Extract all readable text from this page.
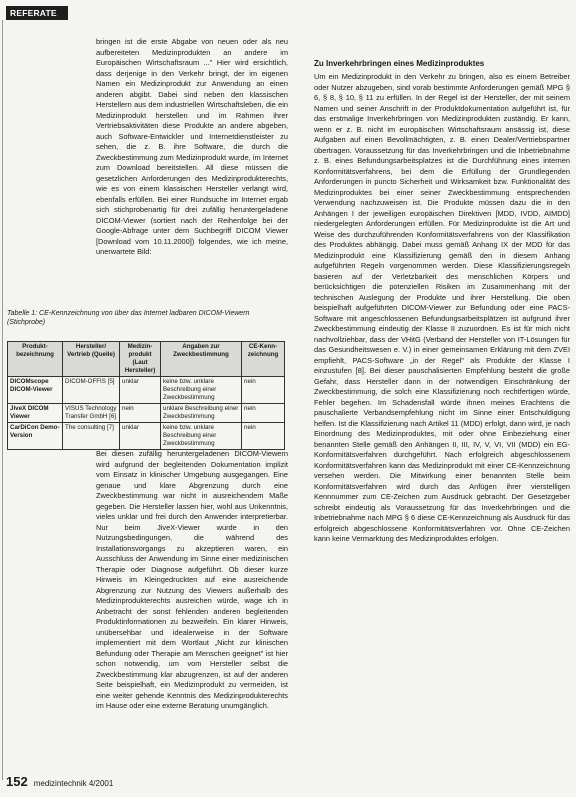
REFERATE

bringen ist die erste Abgabe von neuen oder als neu aufbereiteten Medizinprodukten an andere im Europäischen Wirtschaftsraum ..." Hier wird ersichtlich, dass derjenige in den Verkehr bringt, der im eigenen Namen ein Medizinprodukt zur Anwendung an einen anderen abgibt. Dabei sind neben den klassischen Herstellern aus dem industriellen Wirtschaftsleben, die ein Medizinprodukt herstellen und im Rahmen ihrer Vertriebsaktivitäten diese Produkte an andere abgeben, auch Software-Entwickler und Internetdienstleister zu sehen, die z. B. ihre Software, die durch die Zweckbestimmung zum Medizinprodukt wurde, im Internet zum Download bereitstellen. All diese müssen die gesetzlichen Anforderungen des Medizinprodukterechts, wie es von einem klassischen Hersteller verlangt wird, ebenfalls erfüllen. Bei einer Rundsuche im Internet ergab sich stichprobenartig für drei zufällig heruntergeladene DICOM-Viewer (sortiert nach der Reihenfolge bei der Google-Abfrage unter dem Suchbegriff DICOM Viewer [Download vom 10.11.2000]) folgendes, wie ich meine, unerwartete Bild:

Tabelle 1: CE-Kennzeichnung von über das Internet ladbaren DICOM-Viewern (Stichprobe)

Produkt-bezeichnung	Hersteller/ Vertrieb (Quelle)	Medizin-produkt (Laut Hersteller)	Angaben zur Zweckbestimmung	CE-Kenn-zeichnung
DICOMscope DICOM-Viewer	DICOM-OFFIS [5]	unklar	keine bzw. unklare Beschreibung einer Zweckbestimmung	nein
JiveX DICOM Viewer	VISUS Technology Transfer GmbH [6]	nein	unklare Beschreibung einer Zweckbestimmung	nein
CarDiCon Demo-Version	The consulting [7]	unklar	keine bzw. unklare Beschreibung einer Zweckbestimmung	nein

Bei diesen zufällig heruntergeladenen DICOM-Viewern wird aufgrund der begleitenden Dokumentation implizit vom Einsatz in klinischer Umgebung ausgegangen. Eine genaue und klare Abgrenzung durch eine Zweckbestimmung war nicht in ausreichendem Maße gegeben. Die Hersteller lassen hier, wohl aus Unkenntnis, vieles unklar und frei durch den Anwender interpretierbar. Nur beim JiveX-Viewer wurde in den Nutzungsbedingungen, die während des Installationsvorgangs zu akzeptieren waren, ein Ausschluss der Anwendung im Sinne einer medizinischen Therapie oder Diagnose aufgeführt. Ob dieser kurze Hinweis im Kleingedruckten auf eine ausreichende Abgrenzung zur Nutzung des Viewers außerhalb des Medizinprodukterechts ausreichen würde, wage ich in Anbetracht der sonst fehlenden anderen begleitenden Produktinformationen zu bezweifeln. Ein klarer Hinweis, unübersehbar und idealerweise in der Software implementiert mit dem Wortlaut „Nicht zur klinischen Befundung oder Therapie am Menschen geeignet" ist hier schon notwendig, um vom Hersteller selbst die Zweckbestimmung klar abzugrenzen, ist auf der anderen Seite beispielhaft, ein Medizinprodukt zu vermeiden, ist eine weiter gehende Kenntnis des Medizinprodukterechts im Hause oder eine externe Beratung unumgänglich.

Zu Inverkehrbringen eines Medizinproduktes

Um ein Medizinprodukt in den Verkehr zu bringen, also es einem Betreiber oder Nutzer abzugeben, sind vorab bestimmte Anforderungen gemäß MPG § 6, § 8, § 10, § 11 zu erfüllen. In der Regel ist der Hersteller, der mit seinem Namen und seiner Anschrift in der Produktdokumentation aufgeführt ist, für das erstmalige Inverkehrbringen von Medizinprodukten zuständig. Er kann, wenn er z. B. nicht im europäischen Wirtschaftsraum ansässig ist, diese Aufgaben auf einen Bevollmächtigten, z. B. einen Dealer/Vertriebspartner übertragen. Voraussetzung für das Inverkehrbringen und die Inbetriebnahme z. B. eines Befundungsarbeitsplatzes ist die Durchführung eines internen Konformitätsverfahrens, bei dem die Erfüllung der Grundlegenden Anforderungen in puncto Sicherheit und Wirksamkeit bzw. Funktionalität des Medizinproduktes bei einer seiner Zweckbestimmung entsprechenden Verwendung nachzuweisen ist. Die Produkte müssen dazu die in den Anhängen I der jeweiligen europäischen Direktiven [MDD, IVDD, AIMDD] niedergelegten Anforderungen erfüllen. Für Medizinprodukte ist die Art und Weise des durchzuführenden Konformitätsverfahrens von der Klassifikation des Produktes abhängig. Dabei muss gemäß Anhang IX der MDD für das Medizinprodukt eine Klassifizierung gemäß den in diesem Anhang aufgeführten Regeln vorgenommen werden. Diese Klassifizierungsregeln basieren auf der Verletzbarkeit des menschlichen Körpers und berücksichtigen die potenziellen Risiken im Zusammenhang mit der technischen Auslegung der Produkte und ihrer Herstellung. Die oben beispielhaft aufgeführten DICOM-Viewer zur Befundung oder eine PACS-Software mit angeschlossenen Befundungsarbeitsplätzen ist aufgrund ihrer Zweckbestimmung eindeutig der Klasse II zuzuordnen. Es ist für mich nicht nachvollziehbar, dass der VHitG (Verband der Hersteller von IT-Lösungen für das Gesundheitswesen e. V.) in einer gemeinsamen Erklärung mit dem ZVEI empfiehlt, PACS-Software „in der Regel" als Produkte der Klasse I einzustufen [8]. Bei dieser pauschalisierten Empfehlung besteht die große Gefahr, dass Hersteller dann in der notwendigen Einschränkung der Zweckbestimmung, die solch eine Klassifizierung noch rechtfertigen würde, Fehler begehen. Im Schadensfall würde ihnen meines Erachtens die pauschalierte Verbandsempfehlung nicht im Sinne einer Entschuldigung helfen. Ist die Klassifizierung nach Artikel 11 (MDD) erfolgt, dann wird, je nach Einordnung des Medizinproduktes, mit oder ohne Einbeziehung einer benannten Stelle gemäß den Anhängen II, III, IV, V, VI, VII (MDD) ein EG-Konformitätsverfahren durchgeführt. Nach erfolgreich abgeschlossenem Konformitätsverfahren kann das Medizinprodukt mit einer CE-Kennzeichnung versehen werden. Die Mitwirkung einer benannten Stelle beim Konformitätsverfahren wird durch das Anfügen ihrer vierstelligen Kennnummer zum CE-Zeichen zum Ausdruck gebracht. Der Gesetzgeber schreibt eindeutig als Voraussetzung für das Inverkehrbringen und die Inbetriebnahme nach MPG § 6 diese CE-Kennzeichnung als Ausdruck für das erfolgreich abgeschlossene Konformitätsverfahren vor. Ohne CE-Zeichen kann keine Vermarktung des Medizinproduktes erfolgen.

152 medizintechnik 4/2001
